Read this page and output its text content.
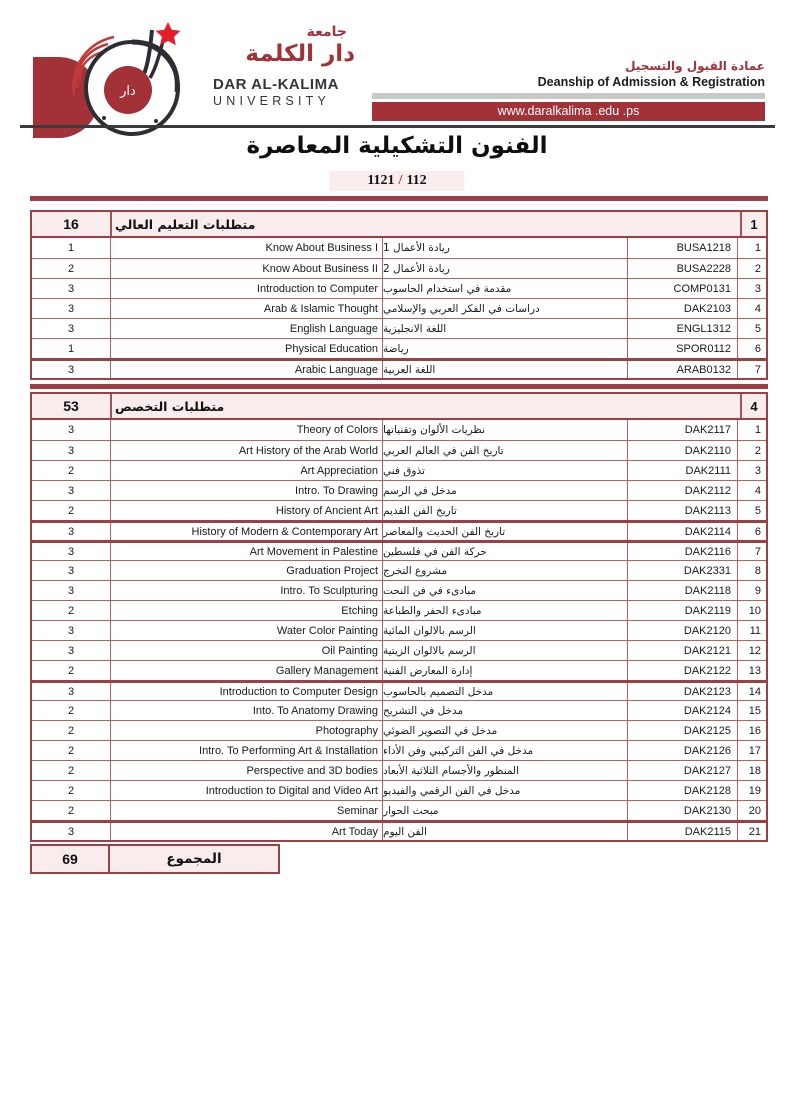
دار
جامعة
دار الكلمة
DAR AL-KALIMA
UNIVERSITY
عمادة القبول والتسجيل
Deanship of Admission & Registration
www.daralkalima .edu .ps
الفنون التشكيلية المعاصرة
1121 / 112
16	متطلبات التعليم العالي	1
1	Know About Business I ريادة الأعمال 1	BUSA1218	1
2	Know About Business II ريادة الأعمال 2	BUSA2228	2
3	Introduction to Computer مقدمة في استخدام الحاسوب	COMP0131	3
3	Arab & Islamic Thought دراسات في الفكر العربي والإسلامي	DAK2103	4
3	English Language اللغة الانجليزية	ENGL1312	5
1	Physical Education رياضة	SPOR0112	6
3	Arabic Language اللغة العربية	ARAB0132	7
53	متطلبات التخصص	4
3	Theory of Colors نظريات الألوان وتقنياتها	DAK2117	1
3	Art History of the Arab World تاريخ الفن في العالم العربي	DAK2110	2
2	Art Appreciation تذوق فني	DAK2111	3
3	Intro. To Drawing مدخل في الرسم	DAK2112	4
2	History of Ancient Art تاريخ الفن القديم	DAK2113	5
3	History of Modern & Contemporary Art تاريخ الفن الحديث والمعاصر	DAK2114	6
3	Art Movement in Palestine حركة الفن في فلسطين	DAK2116	7
3	Graduation Project مشروع التخرج	DAK2331	8
3	Intro. To Sculpturing مبادىء في فن النحت	DAK2118	9
2	Etching مبادىء الحفر والطباعة	DAK2119	10
3	Water Color Painting الرسم بالالوان المائية	DAK2120	11
3	Oil Painting الرسم بالالوان الزيتية	DAK2121	12
2	Gallery Management إدارة المعارض الفنية	DAK2122	13
3	Introduction to Computer Design مدخل التصميم بالحاسوب	DAK2123	14
2	Into. To Anatomy Drawing مدخل في التشريح	DAK2124	15
2	Photography مدخل في التصوير الضوئي	DAK2125	16
2	Intro. To Performing Art & Installation مدخل في الفن التركيبي وفن الأداء	DAK2126	17
2	Perspective and 3D bodies المنظور والأجسام الثلاثية الأبعاد	DAK2127	18
2	Introduction to Digital and Video Art مدخل في الفن الرقمي والفيديو	DAK2128	19
2	Seminar مبحث الحوار	DAK2130	20
3	Art Today الفن اليوم	DAK2115	21
69	المجموع
